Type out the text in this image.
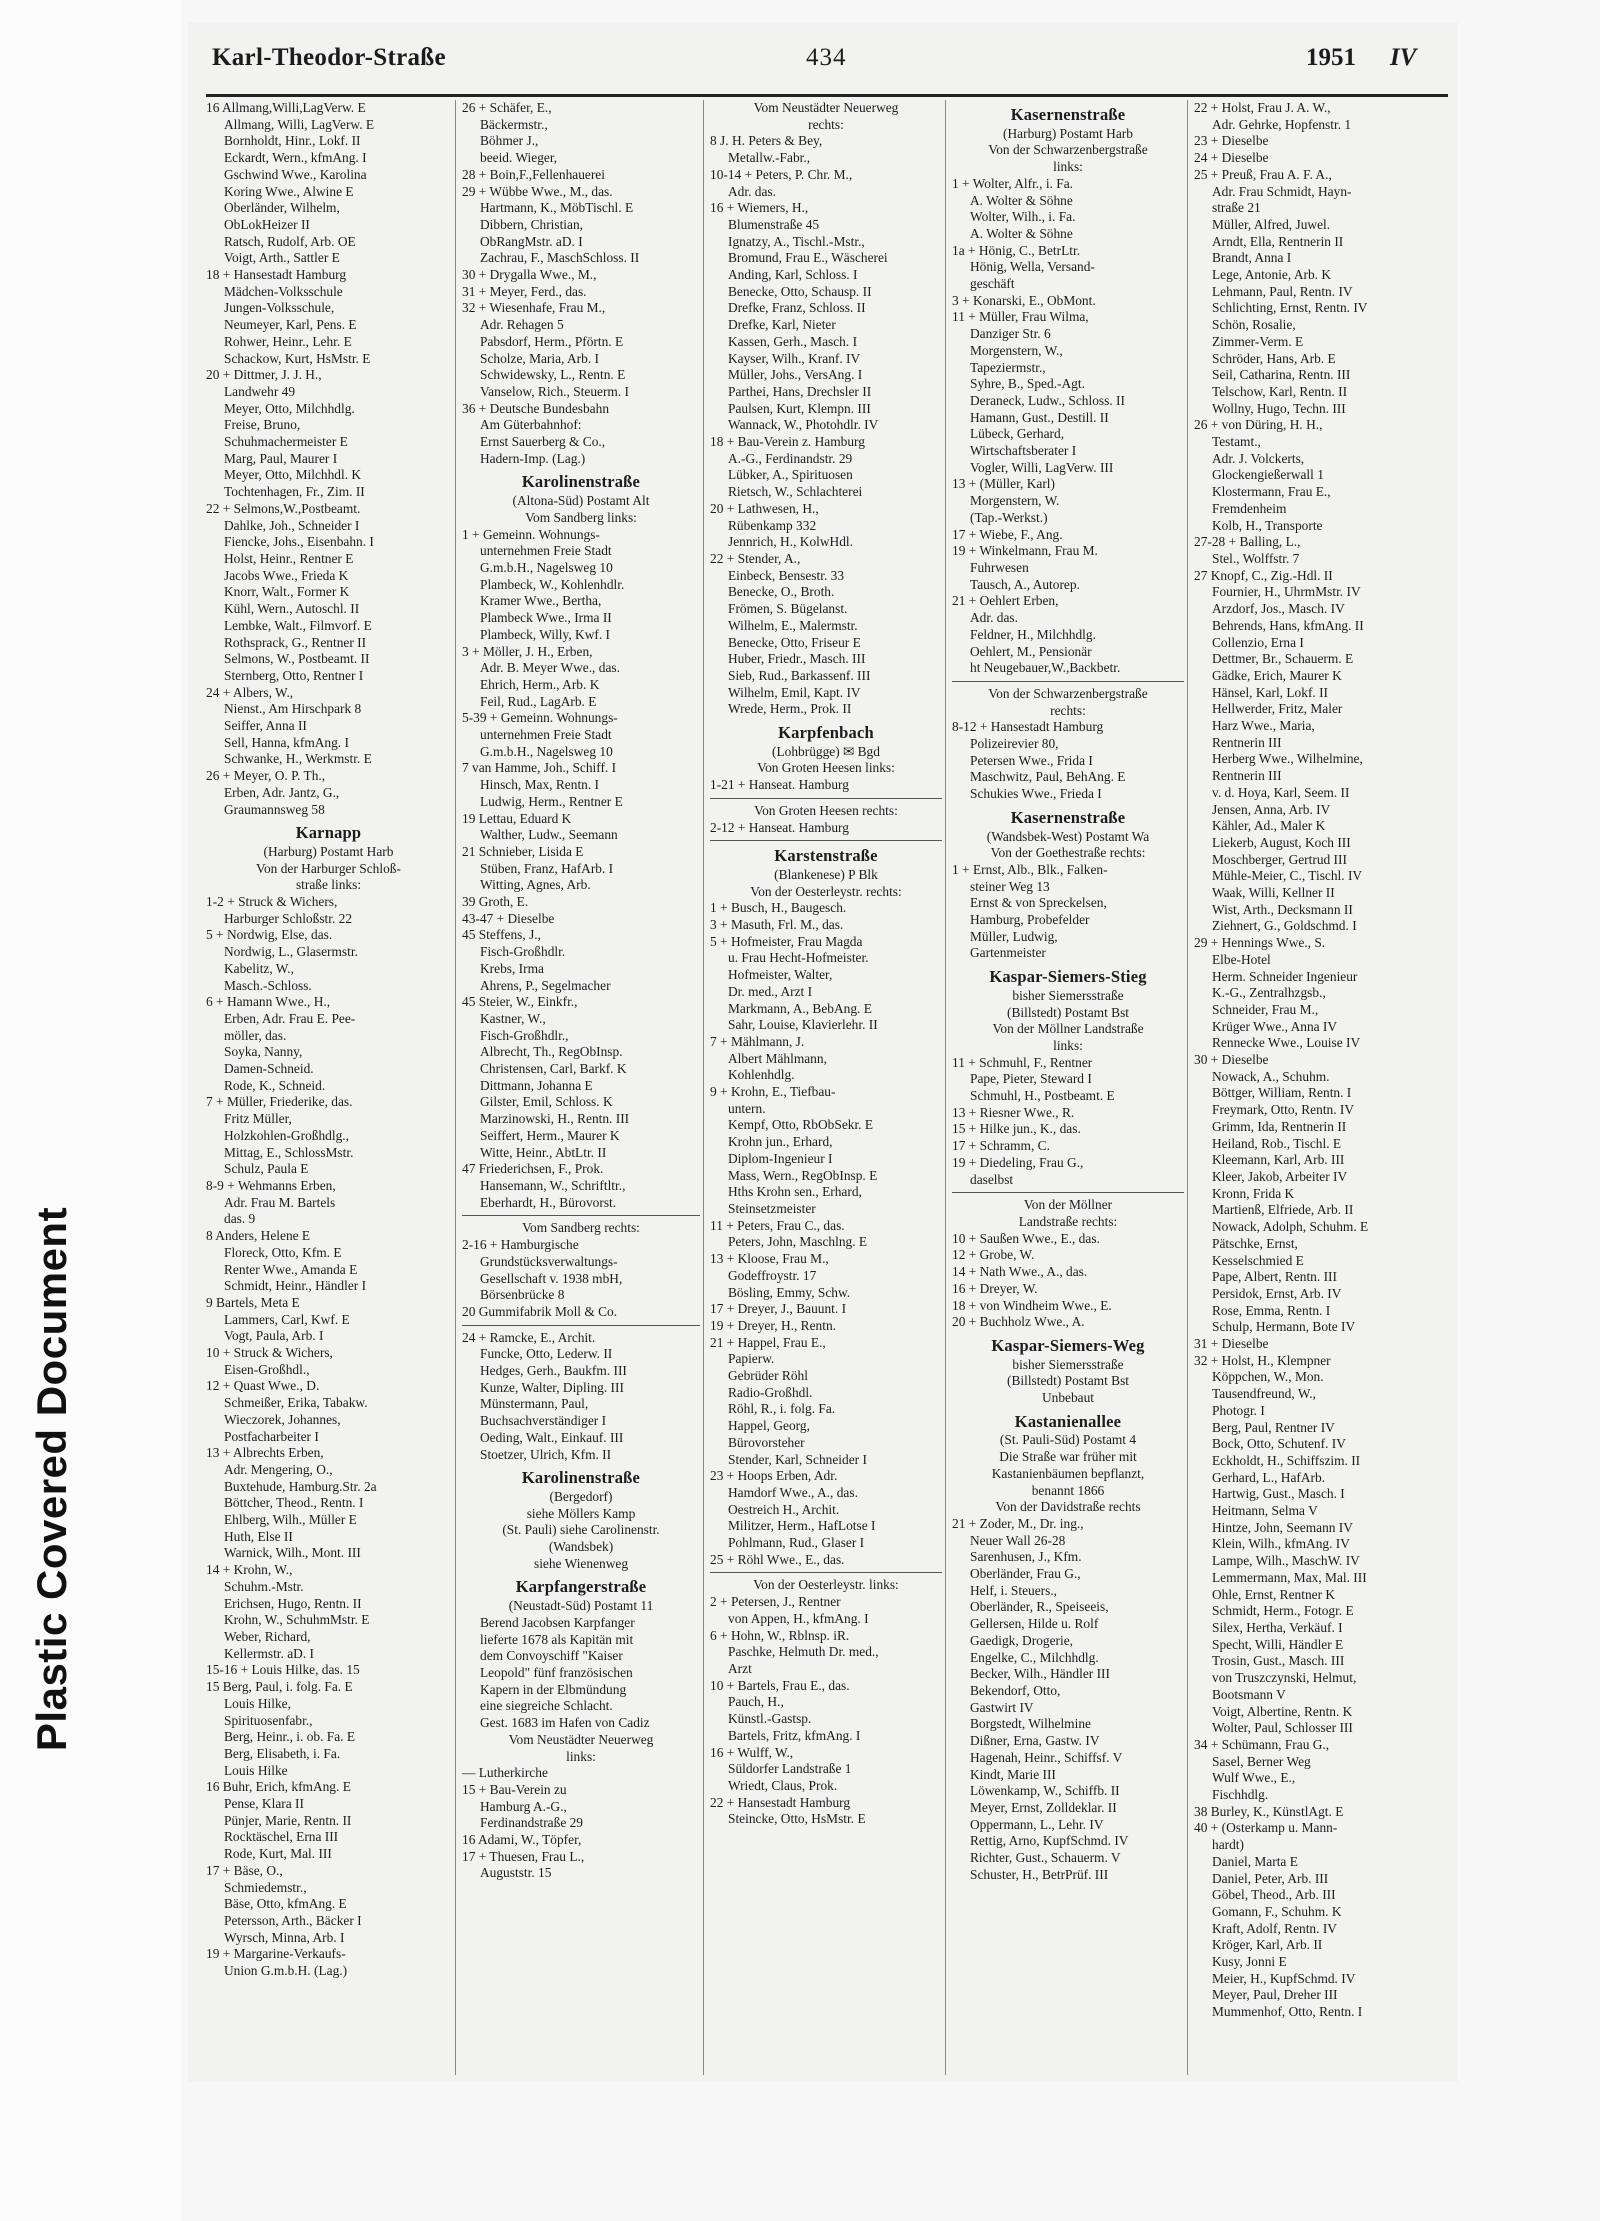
Plastic Covered Document
Karl-Theodor-Straße	434	1951 IV
16 Allmang,Willi,LagVerw. E
Allmang, Willi, LagVerw. E
Bornholdt, Hinr., Lokf. II
Eckardt, Wern., kfmAng. I
Gschwind Wwe., Karolina
Koring Wwe., Alwine E
Oberländer, Wilhelm,
ObLokHeizer II
Ratsch, Rudolf, Arb. OE
Voigt, Arth., Sattler E
18 + Hansestadt Hamburg
Mädchen-Volksschule
Jungen-Volksschule,
Neumeyer, Karl, Pens. E
Rohwer, Heinr., Lehr. E
Schackow, Kurt, HsMstr. E
20 + Dittmer, J. J. H.,
Landwehr 49
Meyer, Otto, Milchhdlg.
Freise, Bruno,
Schuhmachermeister E
Marg, Paul, Maurer I
Meyer, Otto, Milchhdl. K
Tochtenhagen, Fr., Zim. II
22 + Selmons,W.,Postbeamt.
Dahlke, Joh., Schneider I
Fiencke, Johs., Eisenbahn. I
Holst, Heinr., Rentner E
Jacobs Wwe., Frieda K
Knorr, Walt., Former K
Kühl, Wern., Autoschl. II
Lembke, Walt., Filmvorf. E
Rothsprack, G., Rentner II
Selmons, W., Postbeamt. II
Sternberg, Otto, Rentner I
24 + Albers, W.,
Nienst., Am Hirschpark 8
Seiffer, Anna II
Sell, Hanna, kfmAng. I
Schwanke, H., Werkmstr. E
26 + Meyer, O. P. Th.,
Erben, Adr. Jantz, G.,
Graumannsweg 58
Karnapp
(Harburg) Postamt Harb
Von der Harburger Schloß-
straße links:
1-2 + Struck & Wichers,
Harburger Schloßstr. 22
5 + Nordwig, Else, das.
Nordwig, L., Glasermstr.
Kabelitz, W.,
Masch.-Schloss.
6 + Hamann Wwe., H.,
Erben, Adr. Frau E. Pee-
möller, das.
Soyka, Nanny,
Damen-Schneid.
Rode, K., Schneid.
7 + Müller, Friederike, das.
Fritz Müller,
Holzkohlen-Großhdlg.,
Mittag, E., SchlossMstr.
Schulz, Paula E
8-9 + Wehmanns Erben,
Adr. Frau M. Bartels
das. 9
8 Anders, Helene E
Floreck, Otto, Kfm. E
Renter Wwe., Amanda E
Schmidt, Heinr., Händler I
9 Bartels, Meta E
Lammers, Carl, Kwf. E
Vogt, Paula, Arb. I
10 + Struck & Wichers,
Eisen-Großhdl.,
12 + Quast Wwe., D.
Schmeißer, Erika, Tabakw.
Wieczorek, Johannes,
Postfacharbeiter I
13 + Albrechts Erben,
Adr. Mengering, O.,
Buxtehude, Hamburg.Str. 2a
Böttcher, Theod., Rentn. I
Ehlberg, Wilh., Müller E
Huth, Else II
Warnick, Wilh., Mont. III
14 + Krohn, W.,
Schuhm.-Mstr.
Erichsen, Hugo, Rentn. II
Krohn, W., SchuhmMstr. E
Weber, Richard,
Kellermstr. aD. I
15-16 + Louis Hilke, das. 15
15 Berg, Paul, i. folg. Fa. E
Louis Hilke,
Spirituosenfabr.,
Berg, Heinr., i. ob. Fa. E
Berg, Elisabeth, i. Fa.
Louis Hilke
16 Buhr, Erich, kfmAng. E
Pense, Klara II
Pünjer, Marie, Rentn. II
Rocktäschel, Erna III
Rode, Kurt, Mal. III
17 + Bäse, O.,
Schmiedemstr.,
Bäse, Otto, kfmAng. E
Petersson, Arth., Bäcker I
Wyrsch, Minna, Arb. I
19 + Margarine-Verkaufs-
Union G.m.b.H. (Lag.)
26 + Schäfer, E.,
Bäckermstr.,
Böhmer J.,
beeid. Wieger,
28 + Boin,F.,Fellenhauerei
29 + Wübbe Wwe., M., das.
Hartmann, K., MöbTischl. E
Dibbern, Christian,
ObRangMstr. aD. I
Zachrau, F., MaschSchloss. II
30 + Drygalla Wwe., M.,
31 + Meyer, Ferd., das.
32 + Wiesenhafe, Frau M.,
Adr. Rehagen 5
Pabsdorf, Herm., Pförtn. E
Scholze, Maria, Arb. I
Schwidewsky, L., Rentn. E
Vanselow, Rich., Steuerm. I
36 + Deutsche Bundesbahn
Am Güterbahnhof:
Ernst Sauerberg & Co.,
Hadern-Imp. (Lag.)
Karolinenstraße
(Altona-Süd) Postamt Alt
Vom Sandberg links:
1 + Gemeinn. Wohnungs-
unternehmen Freie Stadt
G.m.b.H., Nagelsweg 10
Plambeck, W., Kohlenhdlr.
Kramer Wwe., Bertha,
Plambeck Wwe., Irma II
Plambeck, Willy, Kwf. I
3 + Möller, J. H., Erben,
Adr. B. Meyer Wwe., das.
Ehrich, Herm., Arb. K
Feil, Rud., LagArb. E
5-39 + Gemeinn. Wohnungs-
unternehmen Freie Stadt
G.m.b.H., Nagelsweg 10
7 van Hamme, Joh., Schiff. I
Hinsch, Max, Rentn. I
Ludwig, Herm., Rentner E
19 Lettau, Eduard K
Walther, Ludw., Seemann
21 Schnieber, Lisida E
Stüben, Franz, HafArb. I
Witting, Agnes, Arb.
39 Groth, E.
43-47 + Dieselbe
45 Steffens, J.,
Fisch-Großhdlr.
Krebs, Irma
Ahrens, P., Segelmacher
45 Steier, W., Einkfr.,
Kastner, W.,
Fisch-Großhdlr.,
Albrecht, Th., RegObInsp.
Christensen, Carl, Barkf. K
Dittmann, Johanna E
Gilster, Emil, Schloss. K
Marzinowski, H., Rentn. III
Seiffert, Herm., Maurer K
Witte, Heinr., AbtLtr. II
47 Friederichsen, F., Prok.
Hansemann, W., Schriftltr.,
Eberhardt, H., Bürovorst.
Vom Sandberg rechts:
2-16 + Hamburgische
Grundstücksverwaltungs-
Gesellschaft v. 1938 mbH,
Börsenbrücke 8
20 Gummifabrik Moll & Co.
24 + Ramcke, E., Archit.
Funcke, Otto, Lederw. II
Hedges, Gerh., Baukfm. III
Kunze, Walter, Dipling. III
Münstermann, Paul,
Buchsachverständiger I
Oeding, Walt., Einkauf. III
Stoetzer, Ulrich, Kfm. II
Karolinenstraße
(Bergedorf)
siehe Möllers Kamp
(St. Pauli) siehe Carolinenstr.
(Wandsbek)
siehe Wienenweg
Karpfangerstraße
(Neustadt-Süd) Postamt 11
Berend Jacobsen Karpfanger
lieferte 1678 als Kapitän mit
dem Convoyschiff "Kaiser
Leopold" fünf französischen
Kapern in der Elbmündung
eine siegreiche Schlacht.
Gest. 1683 im Hafen von Cadiz
Vom Neustädter Neuerweg
links:
— Lutherkirche
15 + Bau-Verein zu
Hamburg A.-G.,
Ferdinandstraße 29
16 Adami, W., Töpfer,
17 + Thuesen, Frau L.,
Auguststr. 15
Vom Neustädter Neuerweg
rechts:
8 J. H. Peters & Bey,
Metallw.-Fabr.,
10-14 + Peters, P. Chr. M.,
Adr. das.
16 + Wiemers, H.,
Blumenstraße 45
Ignatzy, A., Tischl.-Mstr.,
Bromund, Frau E., Wäscherei
Anding, Karl, Schloss. I
Benecke, Otto, Schausp. II
Drefke, Franz, Schloss. II
Drefke, Karl, Nieter
Kassen, Gerh., Masch. I
Kayser, Wilh., Kranf. IV
Müller, Johs., VersAng. I
Parthei, Hans, Drechsler II
Paulsen, Kurt, Klempn. III
Wannack, W., Photohdlr. IV
18 + Bau-Verein z. Hamburg
A.-G., Ferdinandstr. 29
Lübker, A., Spirituosen
Rietsch, W., Schlachterei
20 + Lathwesen, H.,
Rübenkamp 332
Jennrich, H., KolwHdl.
22 + Stender, A.,
Einbeck, Bensestr. 33
Benecke, O., Broth.
Frömen, S. Bügelanst.
Wilhelm, E., Malermstr.
Benecke, Otto, Friseur E
Huber, Friedr., Masch. III
Sieb, Rud., Barkassenf. III
Wilhelm, Emil, Kapt. IV
Wrede, Herm., Prok. II
Karpfenbach
(Lohbrügge) ✉ Bgd
Von Groten Heesen links:
1-21 + Hanseat. Hamburg
Von Groten Heesen rechts:
2-12 + Hanseat. Hamburg
Karstenstraße
(Blankenese) P Blk
Von der Oesterleystr. rechts:
1 + Busch, H., Baugesch.
3 + Masuth, Frl. M., das.
5 + Hofmeister, Frau Magda
u. Frau Hecht-Hofmeister.
Hofmeister, Walter,
Dr. med., Arzt I
Markmann, A., BebAng. E
Sahr, Louise, Klavierlehr. II
7 + Mählmann, J.
Albert Mählmann,
Kohlenhdlg.
9 + Krohn, E., Tiefbau-
untern.
Kempf, Otto, RbObSekr. E
Krohn jun., Erhard,
Diplom-Ingenieur I
Mass, Wern., RegObInsp. E
Hths Krohn sen., Erhard,
Steinsetzmeister
11 + Peters, Frau C., das.
Peters, John, Maschlng. E
13 + Kloose, Frau M.,
Godeffroystr. 17
Bösling, Emmy, Schw.
17 + Dreyer, J., Bauunt. I
19 + Dreyer, H., Rentn.
21 + Happel, Frau E.,
Papierw.
Gebrüder Röhl
Radio-Großhdl.
Röhl, R., i. folg. Fa.
Happel, Georg,
Bürovorsteher
Stender, Karl, Schneider I
23 + Hoops Erben, Adr.
Hamdorf Wwe., A., das.
Oestreich H., Archit.
Militzer, Herm., HafLotse I
Pohlmann, Rud., Glaser I
25 + Röhl Wwe., E., das.
Von der Oesterleystr. links:
2 + Petersen, J., Rentner
von Appen, H., kfmAng. I
6 + Hohn, W., Rblnsp. iR.
Paschke, Helmuth Dr. med.,
Arzt
10 + Bartels, Frau E., das.
Pauch, H.,
Künstl.-Gastsp.
Bartels, Fritz, kfmAng. I
16 + Wulff, W.,
Süldorfer Landstraße 1
Wriedt, Claus, Prok.
22 + Hansestadt Hamburg
Steincke, Otto, HsMstr. E
Kasernenstraße
(Harburg) Postamt Harb
Von der Schwarzenbergstraße
links:
1 + Wolter, Alfr., i. Fa.
A. Wolter & Söhne
Wolter, Wilh., i. Fa.
A. Wolter & Söhne
1a + Hönig, C., BetrLtr.
Hönig, Wella, Versand-
geschäft
3 + Konarski, E., ObMont.
11 + Müller, Frau Wilma,
Danziger Str. 6
Morgenstern, W.,
Tapeziermstr.,
Syhre, B., Sped.-Agt.
Deraneck, Ludw., Schloss. II
Hamann, Gust., Destill. II
Lübeck, Gerhard,
Wirtschaftsberater I
Vogler, Willi, LagVerw. III
13 + (Müller, Karl)
Morgenstern, W.
(Tap.-Werkst.)
17 + Wiebe, F., Ang.
19 + Winkelmann, Frau M.
Fuhrwesen
Tausch, A., Autorep.
21 + Oehlert Erben,
Adr. das.
Feldner, H., Milchhdlg.
Oehlert, M., Pensionär
ht Neugebauer,W.,Backbetr.
Von der Schwarzenbergstraße
rechts:
8-12 + Hansestadt Hamburg
Polizeirevier 80,
Petersen Wwe., Frida I
Maschwitz, Paul, BehAng. E
Schukies Wwe., Frieda I
Kasernenstraße
(Wandsbek-West) Postamt Wa
Von der Goethestraße rechts:
1 + Ernst, Alb., Blk., Falken-
steiner Weg 13
Ernst & von Spreckelsen,
Hamburg, Probefelder
Müller, Ludwig,
Gartenmeister
Kaspar-Siemers-Stieg
bisher Siemersstraße
(Billstedt) Postamt Bst
Von der Möllner Landstraße
links:
11 + Schmuhl, F., Rentner
Pape, Pieter, Steward I
Schmuhl, H., Postbeamt. E
13 + Riesner Wwe., R.
15 + Hilke jun., K., das.
17 + Schramm, C.
19 + Diedeling, Frau G.,
daselbst
Von der Möllner
Landstraße rechts:
10 + Saußen Wwe., E., das.
12 + Grobe, W.
14 + Nath Wwe., A., das.
16 + Dreyer, W.
18 + von Windheim Wwe., E.
20 + Buchholz Wwe., A.
Kaspar-Siemers-Weg
bisher Siemersstraße
(Billstedt) Postamt Bst
Unbebaut
Kastanienallee
(St. Pauli-Süd) Postamt 4
Die Straße war früher mit
Kastanienbäumen bepflanzt,
benannt 1866
Von der Davidstraße rechts
21 + Zoder, M., Dr. ing.,
Neuer Wall 26-28
Sarenhusen, J., Kfm.
Oberländer, Frau G.,
Helf, i. Steuers.,
Oberländer, R., Speiseeis,
Gellersen, Hilde u. Rolf
Gaedigk, Drogerie,
Engelke, C., Milchhdlg.
Becker, Wilh., Händler III
Bekendorf, Otto,
Gastwirt IV
Borgstedt, Wilhelmine
Dißner, Erna, Gastw. IV
Hagenah, Heinr., Schiffsf. V
Kindt, Marie III
Löwenkamp, W., Schiffb. II
Meyer, Ernst, Zolldeklar. II
Oppermann, L., Lehr. IV
Rettig, Arno, KupfSchmd. IV
Richter, Gust., Schauerm. V
Schuster, H., BetrPrüf. III
22 + Holst, Frau J. A. W.,
Adr. Gehrke, Hopfenstr. 1
23 + Dieselbe
24 + Dieselbe
25 + Preuß, Frau A. F. A.,
Adr. Frau Schmidt, Hayn-
straße 21
Müller, Alfred, Juwel.
Arndt, Ella, Rentnerin II
Brandt, Anna I
Lege, Antonie, Arb. K
Lehmann, Paul, Rentn. IV
Schlichting, Ernst, Rentn. IV
Schön, Rosalie,
Zimmer-Verm. E
Schröder, Hans, Arb. E
Seil, Catharina, Rentn. III
Telschow, Karl, Rentn. II
Wollny, Hugo, Techn. III
26 + von Düring, H. H.,
Testamt.,
Adr. J. Volckerts,
Glockengießerwall 1
Klostermann, Frau E.,
Fremdenheim
Kolb, H., Transporte
27-28 + Balling, L.,
Stel., Wolffstr. 7
27 Knopf, C., Zig.-Hdl. II
Fournier, H., UhrmMstr. IV
Arzdorf, Jos., Masch. IV
Behrends, Hans, kfmAng. II
Collenzio, Erna I
Dettmer, Br., Schauerm. E
Gädke, Erich, Maurer K
Hänsel, Karl, Lokf. II
Hellwerder, Fritz, Maler
Harz Wwe., Maria,
Rentnerin III
Herberg Wwe., Wilhelmine,
Rentnerin III
v. d. Hoya, Karl, Seem. II
Jensen, Anna, Arb. IV
Kähler, Ad., Maler K
Liekerb, August, Koch III
Moschberger, Gertrud III
Mühle-Meier, C., Tischl. IV
Waak, Willi, Kellner II
Wist, Arth., Decksmann II
Ziehnert, G., Goldschmd. I
29 + Hennings Wwe., S.
Elbe-Hotel
Herm. Schneider Ingenieur
K.-G., Zentralhzgsb.,
Schneider, Frau M.,
Krüger Wwe., Anna IV
Rennecke Wwe., Louise IV
30 + Dieselbe
Nowack, A., Schuhm.
Böttger, William, Rentn. I
Freymark, Otto, Rentn. IV
Grimm, Ida, Rentnerin II
Heiland, Rob., Tischl. E
Kleemann, Karl, Arb. III
Kleer, Jakob, Arbeiter IV
Kronn, Frida K
Martienß, Elfriede, Arb. II
Nowack, Adolph, Schuhm. E
Pätschke, Ernst,
Kesselschmied E
Pape, Albert, Rentn. III
Persidok, Ernst, Arb. IV
Rose, Emma, Rentn. I
Schulp, Hermann, Bote IV
31 + Dieselbe
32 + Holst, H., Klempner
Köppchen, W., Mon.
Tausendfreund, W.,
Photogr. I
Berg, Paul, Rentner IV
Bock, Otto, Schutenf. IV
Eckholdt, H., Schiffszim. II
Gerhard, L., HafArb.
Hartwig, Gust., Masch. I
Heitmann, Selma V
Hintze, John, Seemann IV
Klein, Wilh., kfmAng. IV
Lampe, Wilh., MaschW. IV
Lemmermann, Max, Mal. III
Ohle, Ernst, Rentner K
Schmidt, Herm., Fotogr. E
Silex, Hertha, Verkäuf. I
Specht, Willi, Händler E
Trosin, Gust., Masch. III
von Truszczynski, Helmut,
Bootsmann V
Voigt, Albertine, Rentn. K
Wolter, Paul, Schlosser III
34 + Schümann, Frau G.,
Sasel, Berner Weg
Wulf Wwe., E.,
Fischhdlg.
38 Burley, K., KünstlAgt. E
40 + (Osterkamp u. Mann-
hardt)
Daniel, Marta E
Daniel, Peter, Arb. III
Göbel, Theod., Arb. III
Gomann, F., Schuhm. K
Kraft, Adolf, Rentn. IV
Kröger, Karl, Arb. II
Kusy, Jonni E
Meier, H., KupfSchmd. IV
Meyer, Paul, Dreher III
Mummenhof, Otto, Rentn. I
